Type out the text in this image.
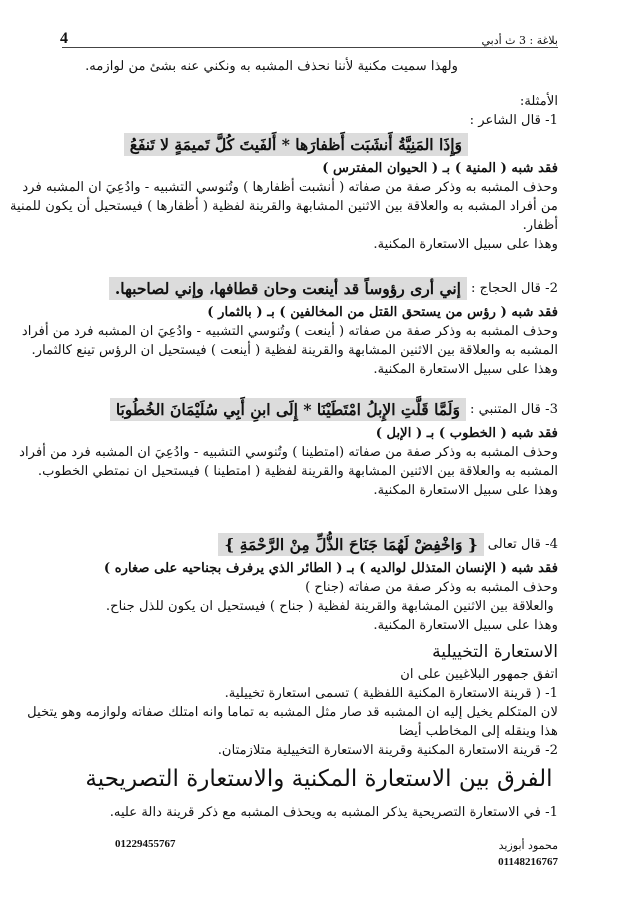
4	بلاغة : 3 ث أدبي
ولهذا سميت مكنية لأننا نحذف المشبه به ونكني عنه بشئ من لوازمه.
الأمثلة:
1- قال الشاعر :
وَإِذَا المَنِيَّةُ أَنشَبَت أَظفارَها * أَلفَيتَ كُلَّ تَميمَةٍ لا تَنفَعُ
فقد شبه ( المنية ) بـ ( الحيوان المفترس )
وحذف المشبه به وذكر صفة من صفاته ( أنشبت أظفارها ) وتُنوسي التشبيه - وادُعِيَ ان المشبه فرد
من أفراد المشبه به والعلاقة بين الاثنين المشابهة والقرينة لفظية ( أظفارها ) فيستحيل أن يكون للمنية
أظفار.
وهذا على سبيل الاستعارة المكنية.
2- قال الحجاج :
إني أرى رؤوساً قد أينعت وحان قطافها، وإني لصاحبها.
فقد شبه ( رؤس من يستحق القتل من المخالفين ) بـ ( بالثمار )
وحذف المشبه به وذكر صفة من صفاته ( أينعت ) وتُنوسي التشبيه - وادُعِيَ ان المشبه فرد من أفراد
المشبه به والعلاقة بين الاثنين المشابهة والقرينة لفظية ( أينعت ) فيستحيل ان الرؤس تينع كالثمار.
وهذا على سبيل الاستعارة المكنية.
3- قال المتنبي :
وَلَمَّا قَلَّتِ الإِبلُ امْتَطَيْنَا * إِلَى ابنِ أَبِي سُلَيْمَانَ الخُطُوبَا
فقد شبه ( الخطوب ) بـ ( الإبل )
وحذف المشبه به وذكر صفة من صفاته (امتطينا ) وتُنوسي التشبيه - وادُعِيَ ان المشبه فرد من أفراد
المشبه به والعلاقة بين الاثنين المشابهة والقرينة لفظية ( امتطينا ) فيستحيل ان نمتطي الخطوب.
وهذا على سبيل الاستعارة المكنية.
4- قال تعالى
{ وَاخْفِضْ لَهُمَا جَنَاحَ الذُّلِّ مِنْ الرَّحْمَةِ }
فقد شبه ( الإنسان المتذلل لوالديه ) بـ ( الطائر الذي يرفرف بجناحيه على صغاره )
وحذف المشبه به وذكر صفة من صفاته (جناح )
والعلاقة بين الاثنين المشابهة والقرينة لفظية ( جناح ) فيستحيل ان يكون للذل جناح.
وهذا على سبيل الاستعارة المكنية.
الاستعارة التخييلية
اتفق جمهور البلاغيين على ان
1- ( قرينة الاستعارة المكنية اللفظية ) تسمى استعارة تخييلية.
لان المتكلم يخيل إليه ان المشبه قد صار مثل المشبه به تماما وانه امتلك صفاته ولوازمه وهو يتخيل
هذا وينقله إلى المخاطب أيضا
2- قرينة الاستعارة المكنية وقرينة الاستعارة التخييلية متلازمتان.
الفرق بين الاستعارة المكنية والاستعارة التصريحية
1- في الاستعارة التصريحية يذكر المشبه به ويحذف المشبه مع ذكر قرينة دالة عليه.
محمود أبوزيد
01148216767
01229455767
